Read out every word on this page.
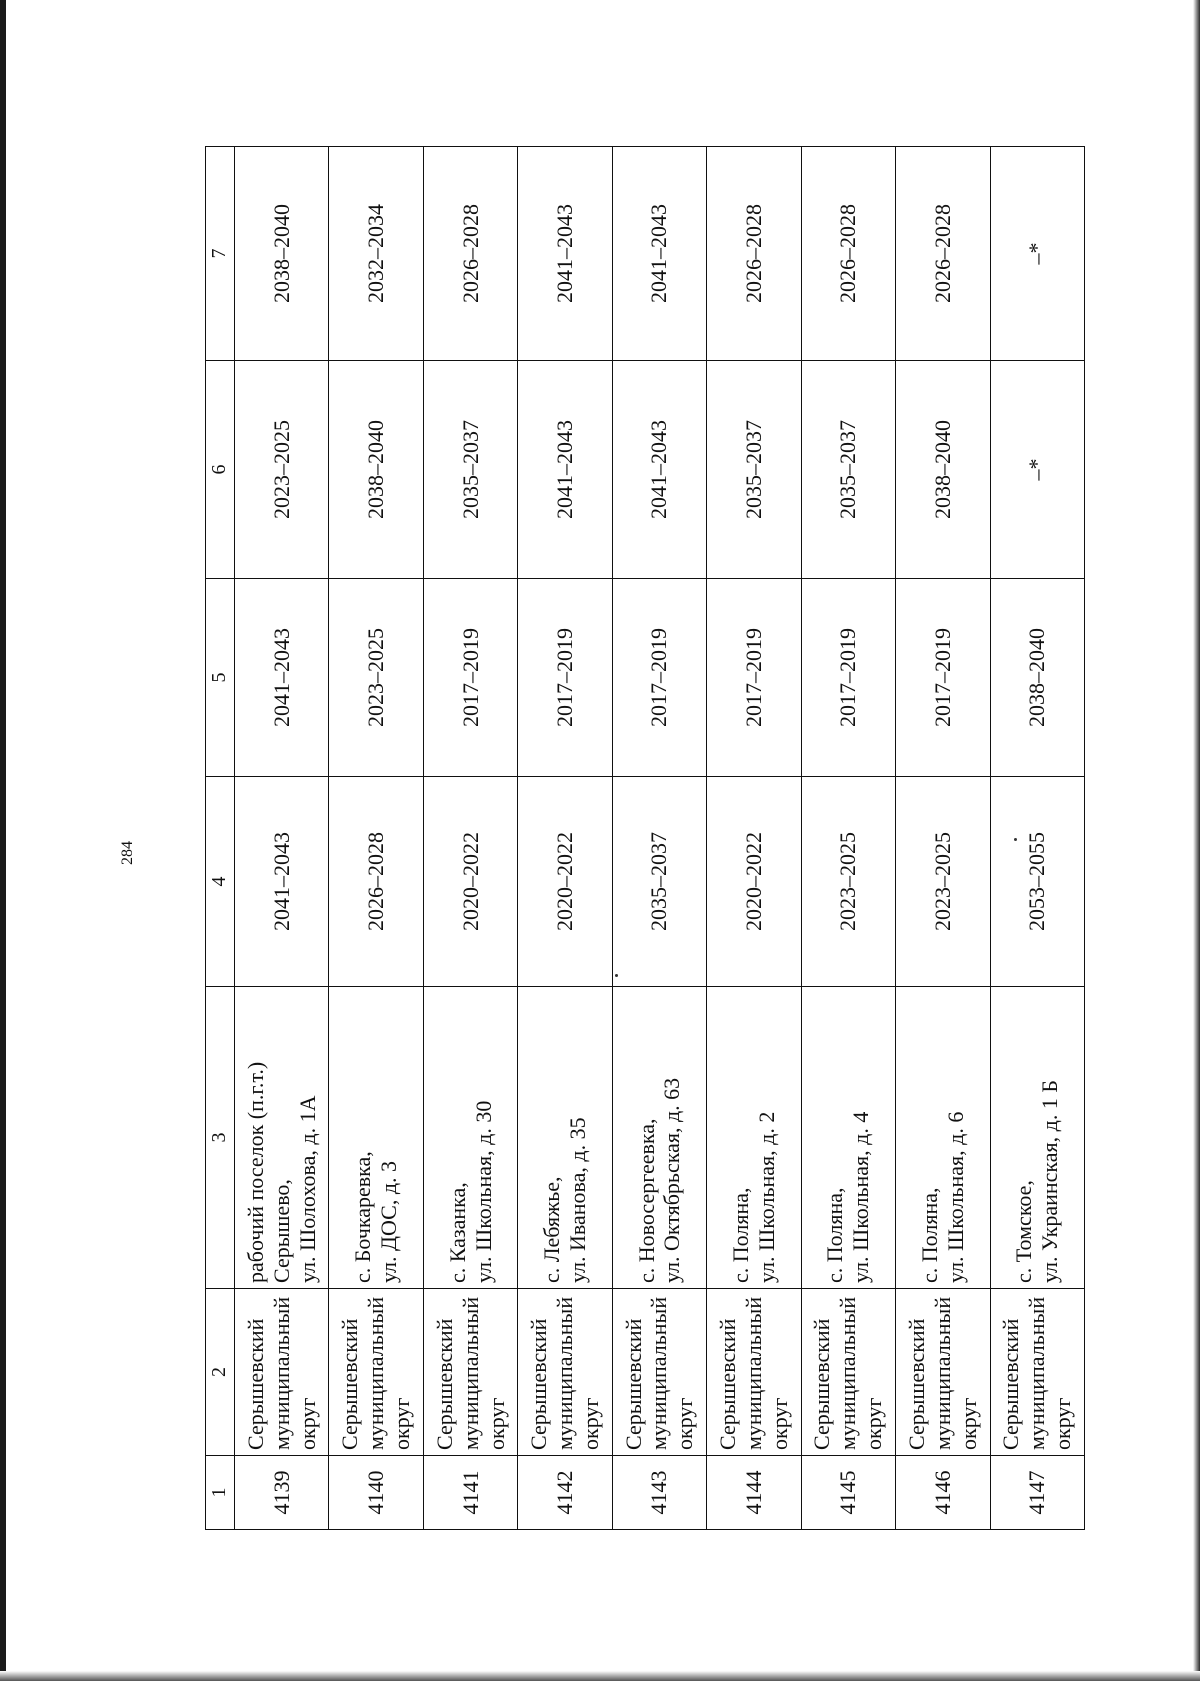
284
1	2	3	4	5	6	7
4139	Серышевский муниципальный округ	рабочий поселок (п.г.т.) Серышево, ул. Шолохова, д. 1А	2041–2043	2041–2043	2023–2025	2038–2040
4140	Серышевский муниципальный округ	с. Бочкаревка, ул. ДОС, д. 3	2026–2028	2023–2025	2038–2040	2032–2034
4141	Серышевский муниципальный округ	с. Казанка, ул. Школьная, д. 30	2020–2022	2017–2019	2035–2037	2026–2028
4142	Серышевский муниципальный округ	с. Лебяжье, ул. Иванова, д. 35	2020–2022	2017–2019	2041–2043	2041–2043
4143	Серышевский муниципальный округ	с. Новосергеевка, ул. Октябрьская, д. 63	2035–2037	2017–2019	2041–2043	2041–2043
4144	Серышевский муниципальный округ	с. Поляна, ул. Школьная, д. 2	2020–2022	2017–2019	2035–2037	2026–2028
4145	Серышевский муниципальный округ	с. Поляна, ул. Школьная, д. 4	2023–2025	2017–2019	2035–2037	2026–2028
4146	Серышевский муниципальный округ	с. Поляна, ул. Школьная, д. 6	2023–2025	2017–2019	2038–2040	2026–2028
4147	Серышевский муниципальный округ	с. Томское, ул. Украинская, д. 1 Б	2053–2055	2038–2040	–*	–*
